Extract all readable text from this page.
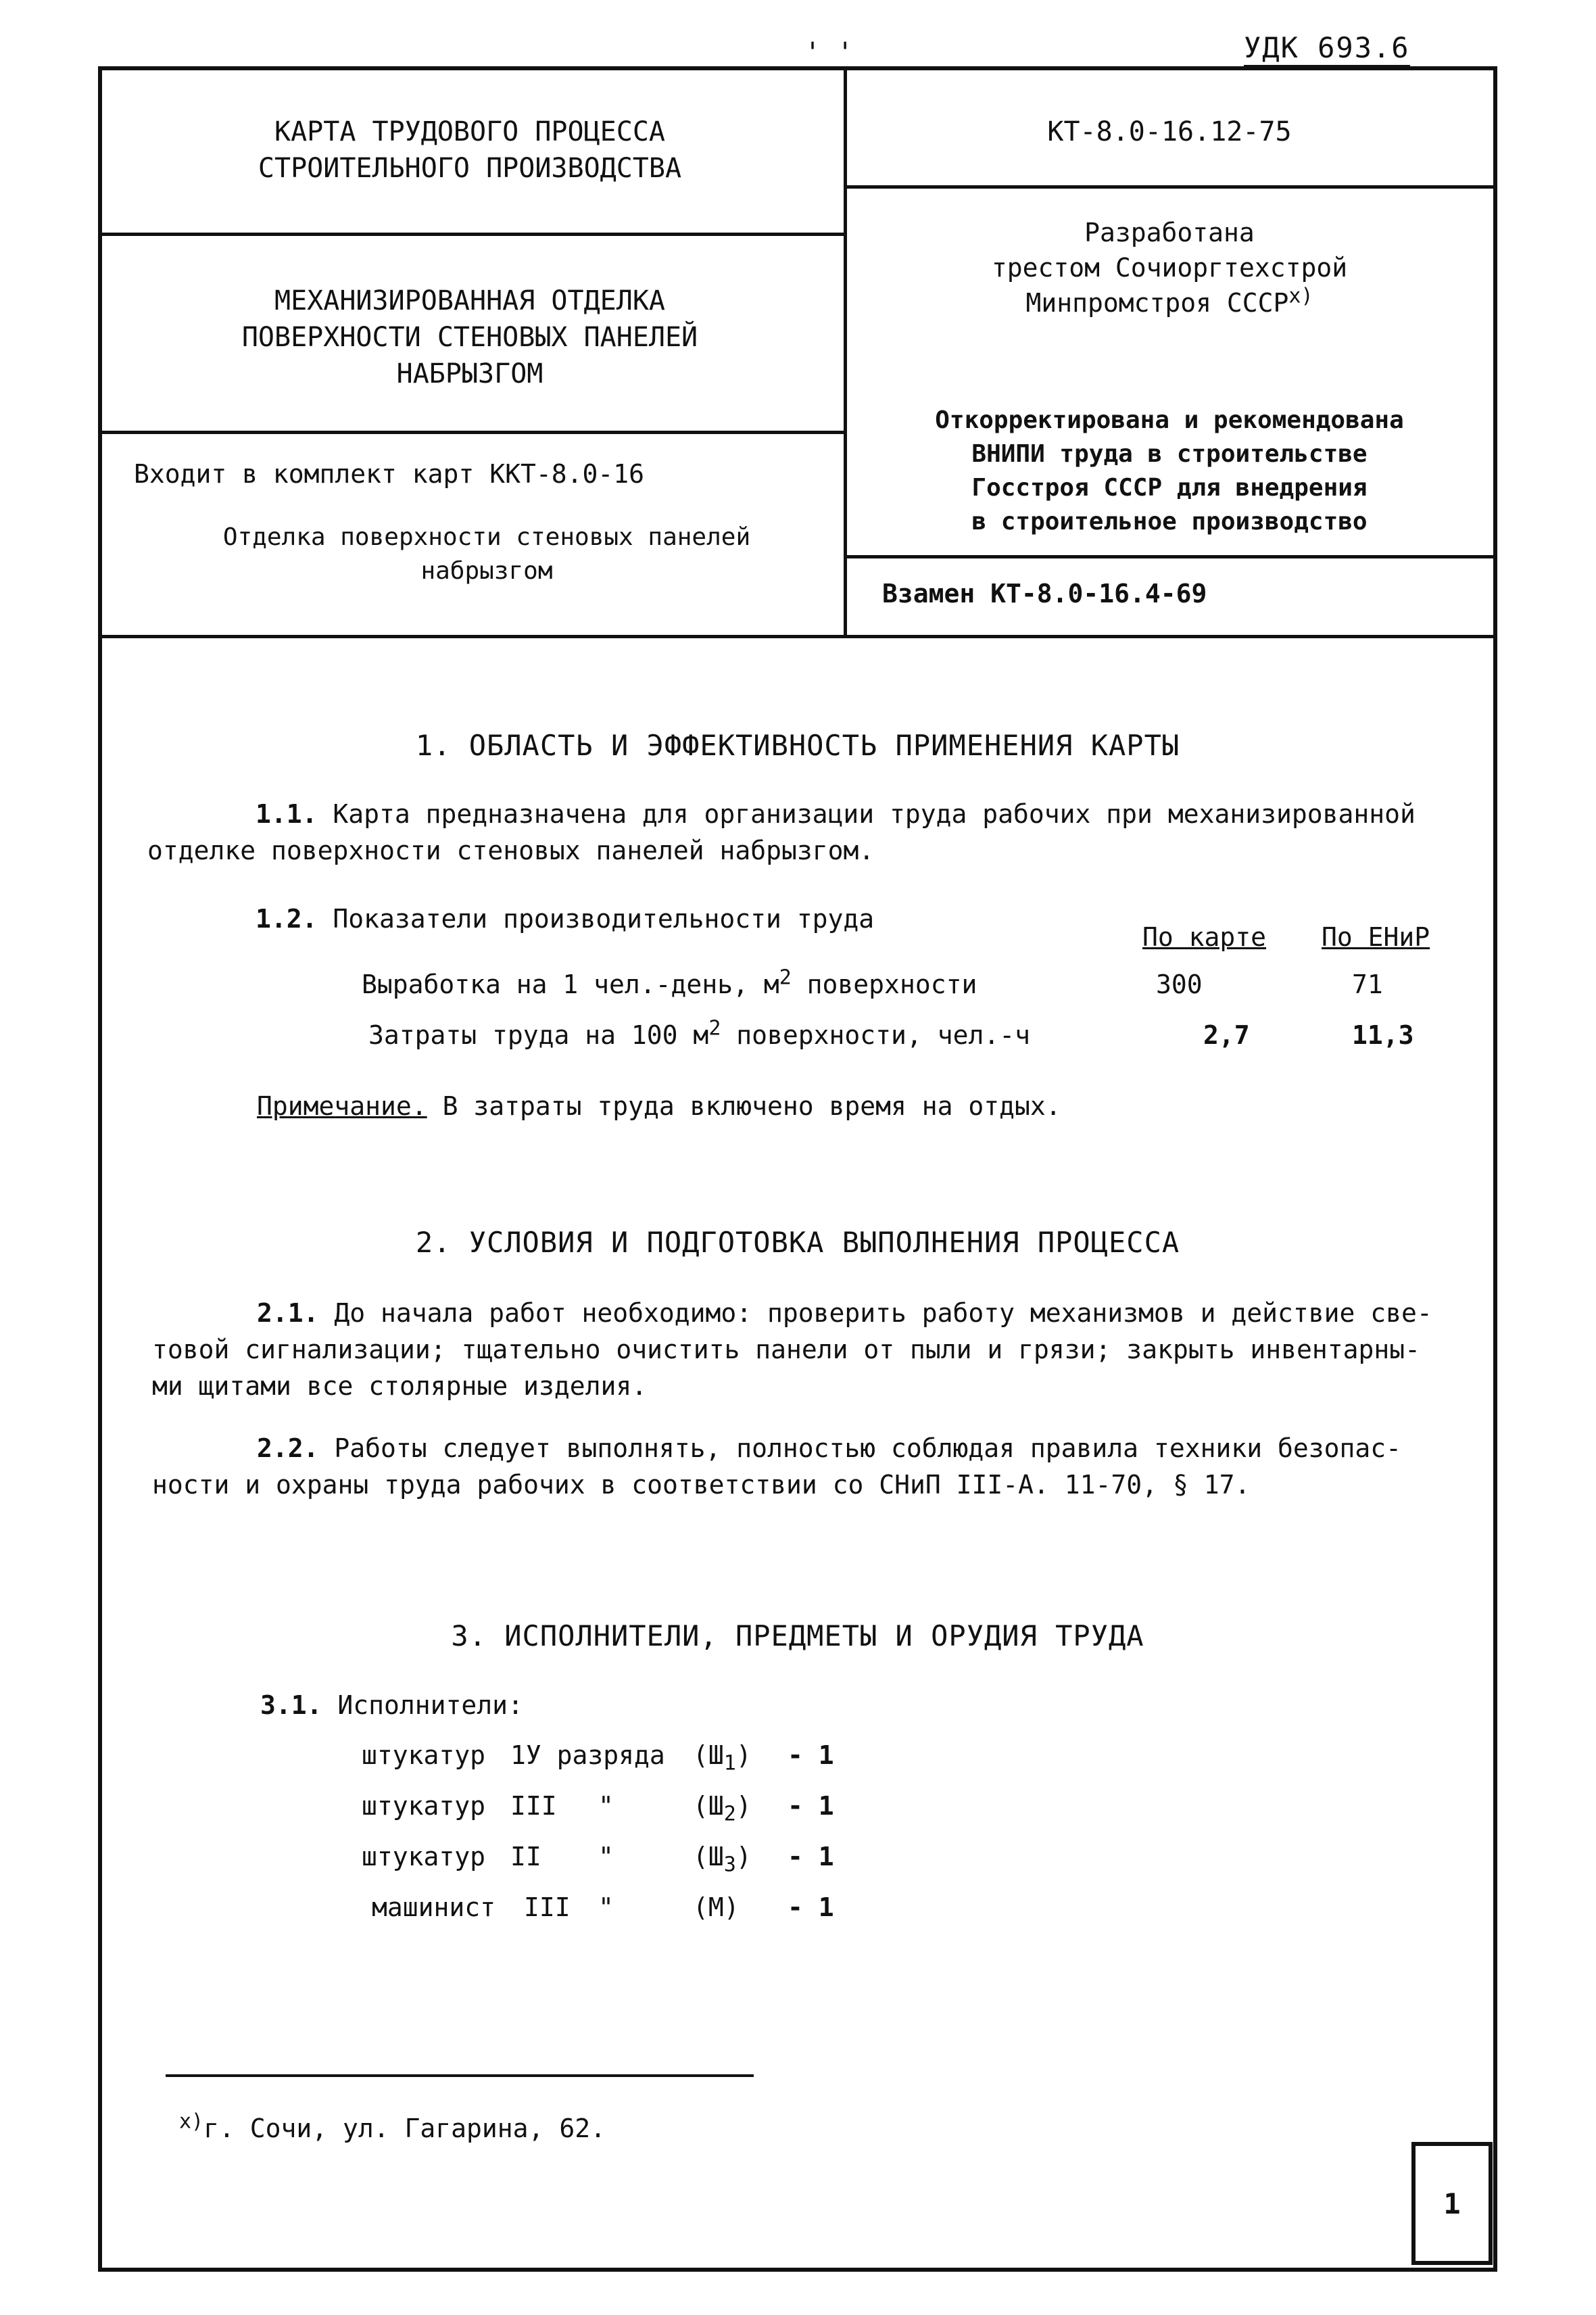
' '	УДК 693.6
КАРТА ТРУДОВОГО ПРОЦЕССА
СТРОИТЕЛЬНОГО ПРОИЗВОДСТВА
МЕХАНИЗИРОВАННАЯ ОТДЕЛКА
ПОВЕРХНОСТИ СТЕНОВЫХ ПАНЕЛЕЙ
НАБРЫЗГОМ
Входит в комплект карт ККТ-8.0-16
Отделка поверхности стеновых панелей
набрызгом
КТ-8.0-16.12-75
Разработана
трестом Сочиоргтехстрой
Минпромстроя $СССР^{х)}$
Откорректирована и рекомендована
ВНИПИ труда в строительстве
Госстроя СССР для внедрения
в строительное производство
Взамен КТ-8.0-16.4-69
1. ОБЛАСТЬ И ЭФФЕКТИВНОСТЬ ПРИМЕНЕНИЯ КАРТЫ
1.1. Карта предназначена для организации труда рабочих при механизированной
отделке поверхности стеновых панелей набрызгом.
1.2. Показатели производительности труда
По карте По ЕНиР
Выработка на 1 чел.-день, $м^2$ поверхности	300	71
Затраты труда на 100 $м^2$ поверхности, чел.-ч	2,7	11,3
Примечание. В затраты труда включено время на отдых.
2. УСЛОВИЯ И ПОДГОТОВКА ВЫПОЛНЕНИЯ ПРОЦЕССА
2.1. До начала работ необходимо: проверить работу механизмов и действие све-
товой сигнализации; тщательно очистить панели от пыли и грязи; закрыть инвентарны-
ми щитами все столярные изделия.
2.2. Работы следует выполнять, полностью соблюдая правила техники безопас-
ности и охраны труда рабочих в соответствии со СНиП III-А. 11-70, § 17.
3. ИСПОЛНИТЕЛИ, ПРЕДМЕТЫ И ОРУДИЯ ТРУДА
3.1. Исполнители:
штукатур 1У разряда $(Ш_1) - 1$
штукатур III "	$(Ш_2) - 1$
штукатур II "	$(Ш_3) - 1$
машинист III "	(М) - 1
$^{х)}$г. Сочи, ул. Гагарина, 62.
1
